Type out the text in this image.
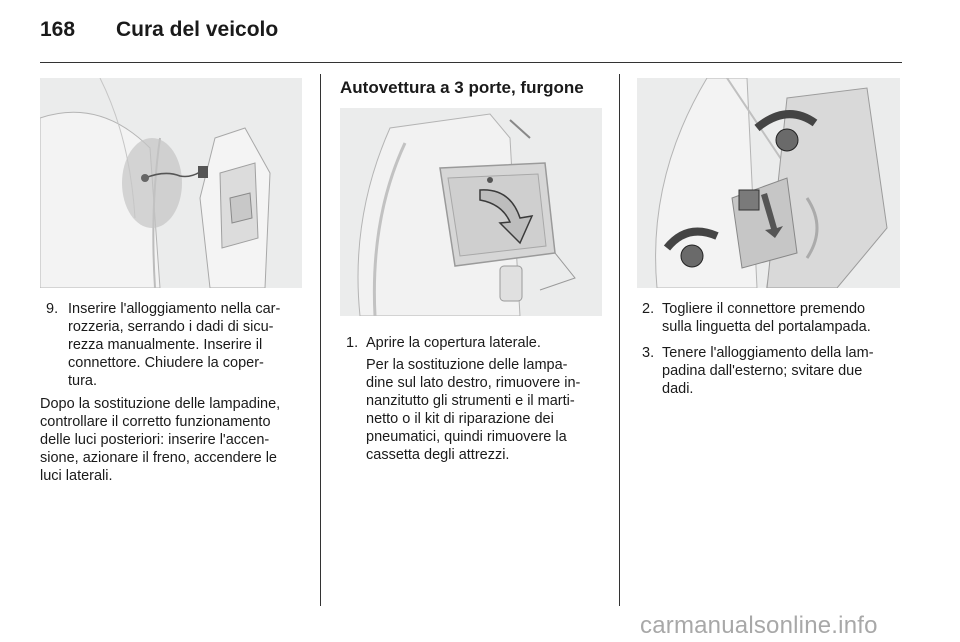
168	Cura del veicolo
9. Inserire l'alloggiamento nella car-
rozzeria, serrando i dadi di sicu-
rezza manualmente. Inserire il
connettore. Chiudere la coper-
tura.
Dopo la sostituzione delle lampadine,
controllare il corretto funzionamento
delle luci posteriori: inserire l'accen-
sione, azionare il freno, accendere le
luci laterali.
Autovettura a 3 porte, furgone
1. Aprire la copertura laterale.
Per la sostituzione delle lampa-
dine sul lato destro, rimuovere in-
nanzitutto gli strumenti e il marti-
netto o il kit di riparazione dei
pneumatici, quindi rimuovere la
cassetta degli attrezzi.
2. Togliere il connettore premendo
sulla linguetta del portalampada.
3. Tenere l'alloggiamento della lam-
padina dall'esterno; svitare due
dadi.
carmanualsonline.info
